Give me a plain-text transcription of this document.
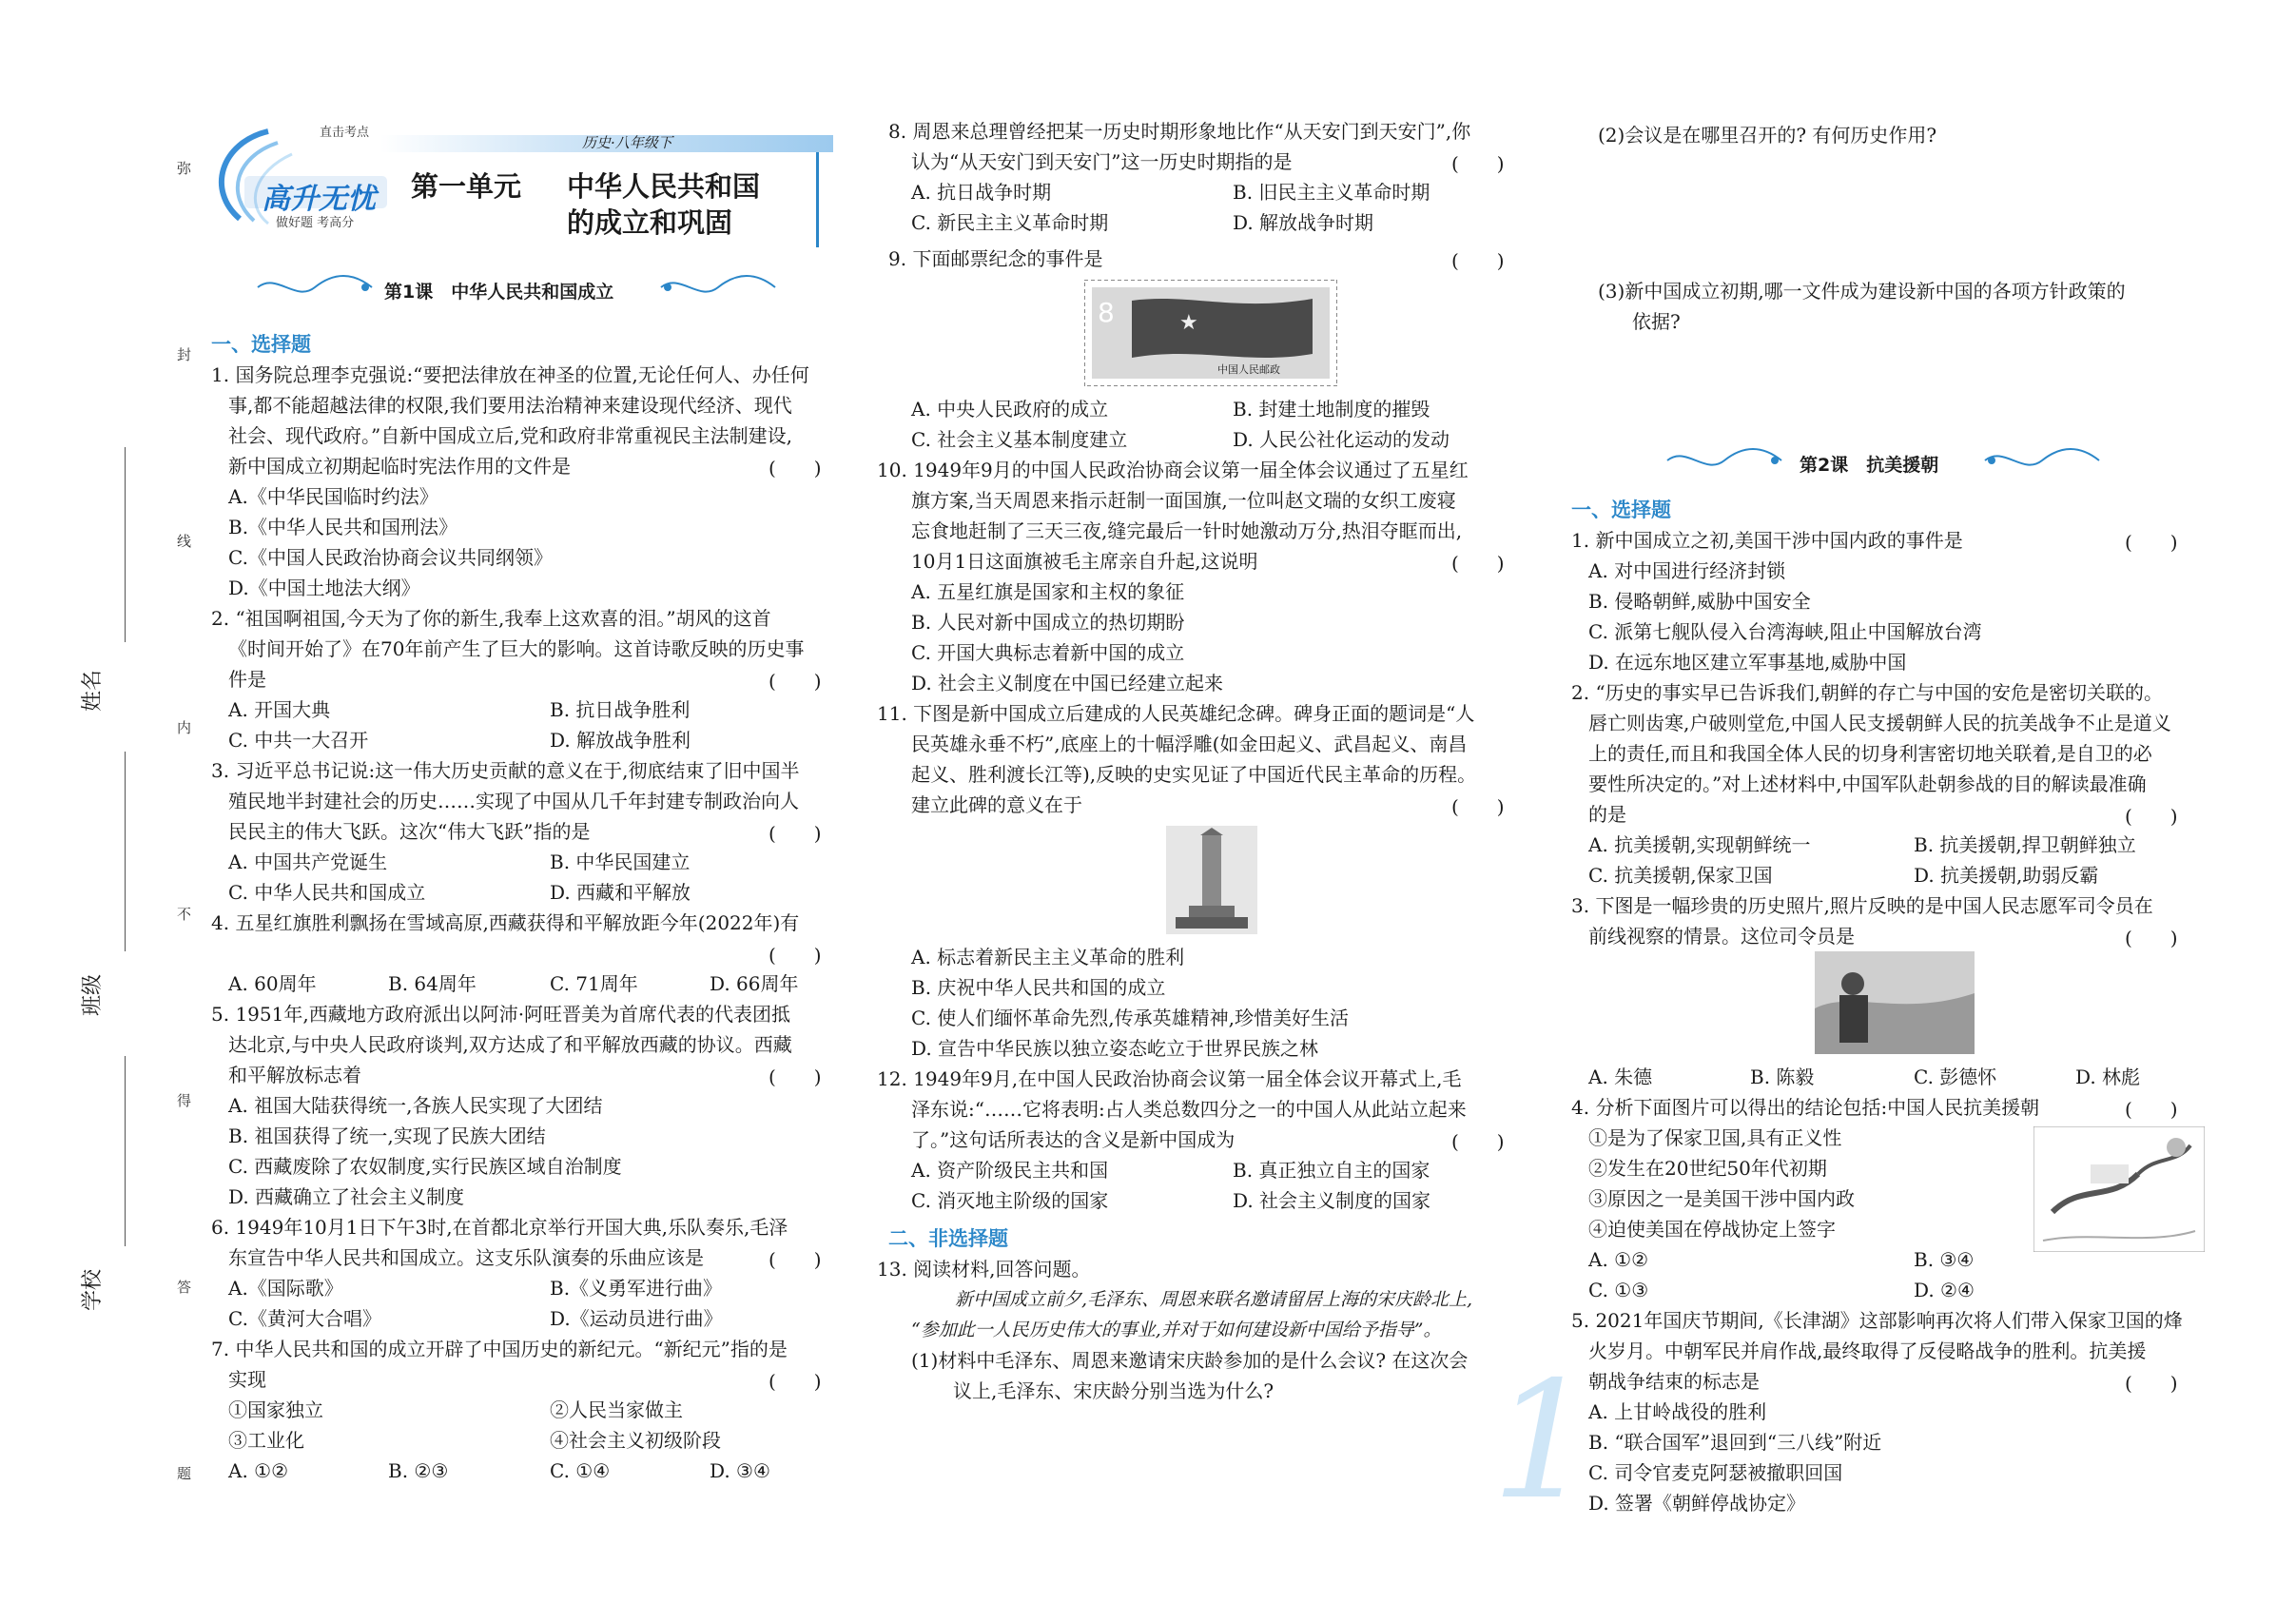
弥
封
线
内
不
得
答
题
姓名
班级
学校
直击考点
高升无忧
做好题 考高分
历史·八年级下
第一单元 中华人民共和国
的成立和巩固
第1课　中华人民共和国成立
一、选择题
1. 国务院总理李克强说:“要把法律放在神圣的位置,无论任何人、办任何
事,都不能超越法律的权限,我们要用法治精神来建设现代经济、现代
社会、现代政府。”自新中国成立后,党和政府非常重视民主法制建设,
新中国成立初期起临时宪法作用的文件是	(　　)
A.《中华民国临时约法》
B.《中华人民共和国刑法》
C.《中国人民政治协商会议共同纲领》
D.《中国土地法大纲》
2. “祖国啊祖国,今天为了你的新生,我奉上这欢喜的泪。”胡风的这首
《时间开始了》在70年前产生了巨大的影响。这首诗歌反映的历史事
件是	(　　)
A. 开国大典	B. 抗日战争胜利
C. 中共一大召开	D. 解放战争胜利
3. 习近平总书记说:这一伟大历史贡献的意义在于,彻底结束了旧中国半
殖民地半封建社会的历史……实现了中国从几千年封建专制政治向人
民民主的伟大飞跃。这次“伟大飞跃”指的是	(　　)
A. 中国共产党诞生	B. 中华民国建立
C. 中华人民共和国成立	D. 西藏和平解放
4. 五星红旗胜利飘扬在雪域高原,西藏获得和平解放距今年(2022年)有
(　　)
A. 60周年	B. 64周年	C. 71周年	D. 66周年
5. 1951年,西藏地方政府派出以阿沛·阿旺晋美为首席代表的代表团抵
达北京,与中央人民政府谈判,双方达成了和平解放西藏的协议。西藏
和平解放标志着	(　　)
A. 祖国大陆获得统一,各族人民实现了大团结
B. 祖国获得了统一,实现了民族大团结
C. 西藏废除了农奴制度,实行民族区域自治制度
D. 西藏确立了社会主义制度
6. 1949年10月1日下午3时,在首都北京举行开国大典,乐队奏乐,毛泽
东宣告中华人民共和国成立。这支乐队演奏的乐曲应该是	(　　)
A.《国际歌》	B.《义勇军进行曲》
C.《黄河大合唱》	D.《运动员进行曲》
7. 中华人民共和国的成立开辟了中国历史的新纪元。“新纪元”指的是
实现	(　　)
①国家独立	②人民当家做主
③工业化	④社会主义初级阶段
A. ①②	B. ②③	C. ①④	D. ③④
8. 周恩来总理曾经把某一历史时期形象地比作“从天安门到天安门”,你
认为“从天安门到天安门”这一历史时期指的是	(　　)
A. 抗日战争时期	B. 旧民主主义革命时期
C. 新民主主义革命时期	D. 解放战争时期
9. 下面邮票纪念的事件是	(　　)
8	★
中国人民邮政
A. 中央人民政府的成立	B. 封建土地制度的摧毁
C. 社会主义基本制度建立	D. 人民公社化运动的发动
10. 1949年9月的中国人民政治协商会议第一届全体会议通过了五星红
旗方案,当天周恩来指示赶制一面国旗,一位叫赵文瑞的女织工废寝
忘食地赶制了三天三夜,缝完最后一针时她激动万分,热泪夺眶而出,
10月1日这面旗被毛主席亲自升起,这说明	(　　)
A. 五星红旗是国家和主权的象征
B. 人民对新中国成立的热切期盼
C. 开国大典标志着新中国的成立
D. 社会主义制度在中国已经建立起来
11. 下图是新中国成立后建成的人民英雄纪念碑。碑身正面的题词是“人
民英雄永垂不朽”,底座上的十幅浮雕(如金田起义、武昌起义、南昌
起义、胜利渡长江等),反映的史实见证了中国近代民主革命的历程。
建立此碑的意义在于	(　　)
A. 标志着新民主主义革命的胜利
B. 庆祝中华人民共和国的成立
C. 使人们缅怀革命先烈,传承英雄精神,珍惜美好生活
D. 宣告中华民族以独立姿态屹立于世界民族之林
12. 1949年9月,在中国人民政治协商会议第一届全体会议开幕式上,毛
泽东说:“……它将表明:占人类总数四分之一的中国人从此站立起来
了。”这句话所表达的含义是新中国成为	(　　)
A. 资产阶级民主共和国	B. 真正独立自主的国家
C. 消灭地主阶级的国家	D. 社会主义制度的国家
二、非选择题
13. 阅读材料,回答问题。
新中国成立前夕,毛泽东、周恩来联名邀请留居上海的宋庆龄北上,
“参加此一人民历史伟大的事业,并对于如何建设新中国给予指导”。
(1)材料中毛泽东、周恩来邀请宋庆龄参加的是什么会议? 在这次会
议上,毛泽东、宋庆龄分别当选为什么? 1
(2)会议是在哪里召开的? 有何历史作用?
(3)新中国成立初期,哪一文件成为建设新中国的各项方针政策的
依据?
第2课　抗美援朝
一、选择题
1. 新中国成立之初,美国干涉中国内政的事件是	(　　)
A. 对中国进行经济封锁
B. 侵略朝鲜,威胁中国安全
C. 派第七舰队侵入台湾海峡,阻止中国解放台湾
D. 在远东地区建立军事基地,威胁中国
2. “历史的事实早已告诉我们,朝鲜的存亡与中国的安危是密切关联的。
唇亡则齿寒,户破则堂危,中国人民支援朝鲜人民的抗美战争不止是道义
上的责任,而且和我国全体人民的切身利害密切地关联着,是自卫的必
要性所决定的。”对上述材料中,中国军队赴朝参战的目的解读最准确
的是	(　　)
A. 抗美援朝,实现朝鲜统一	B. 抗美援朝,捍卫朝鲜独立
C. 抗美援朝,保家卫国	D. 抗美援朝,助弱反霸
3. 下图是一幅珍贵的历史照片,照片反映的是中国人民志愿军司令员在
前线视察的情景。这位司令员是	(　　)
A. 朱德	B. 陈毅	C. 彭德怀	D. 林彪
4. 分析下面图片可以得出的结论包括:中国人民抗美援朝	(　　)
①是为了保家卫国,具有正义性
②发生在20世纪50年代初期
③原因之一是美国干涉中国内政
④迫使美国在停战协定上签字
A. ①②	B. ③④
C. ①③	D. ②④
5. 2021年国庆节期间,《长津湖》这部影响再次将人们带入保家卫国的烽
火岁月。中朝军民并肩作战,最终取得了反侵略战争的胜利。抗美援
朝战争结束的标志是	(　　)
A. 上甘岭战役的胜利
B. “联合国军”退回到“三八线”附近
C. 司令官麦克阿瑟被撤职回国
D. 签署《朝鲜停战协定》
